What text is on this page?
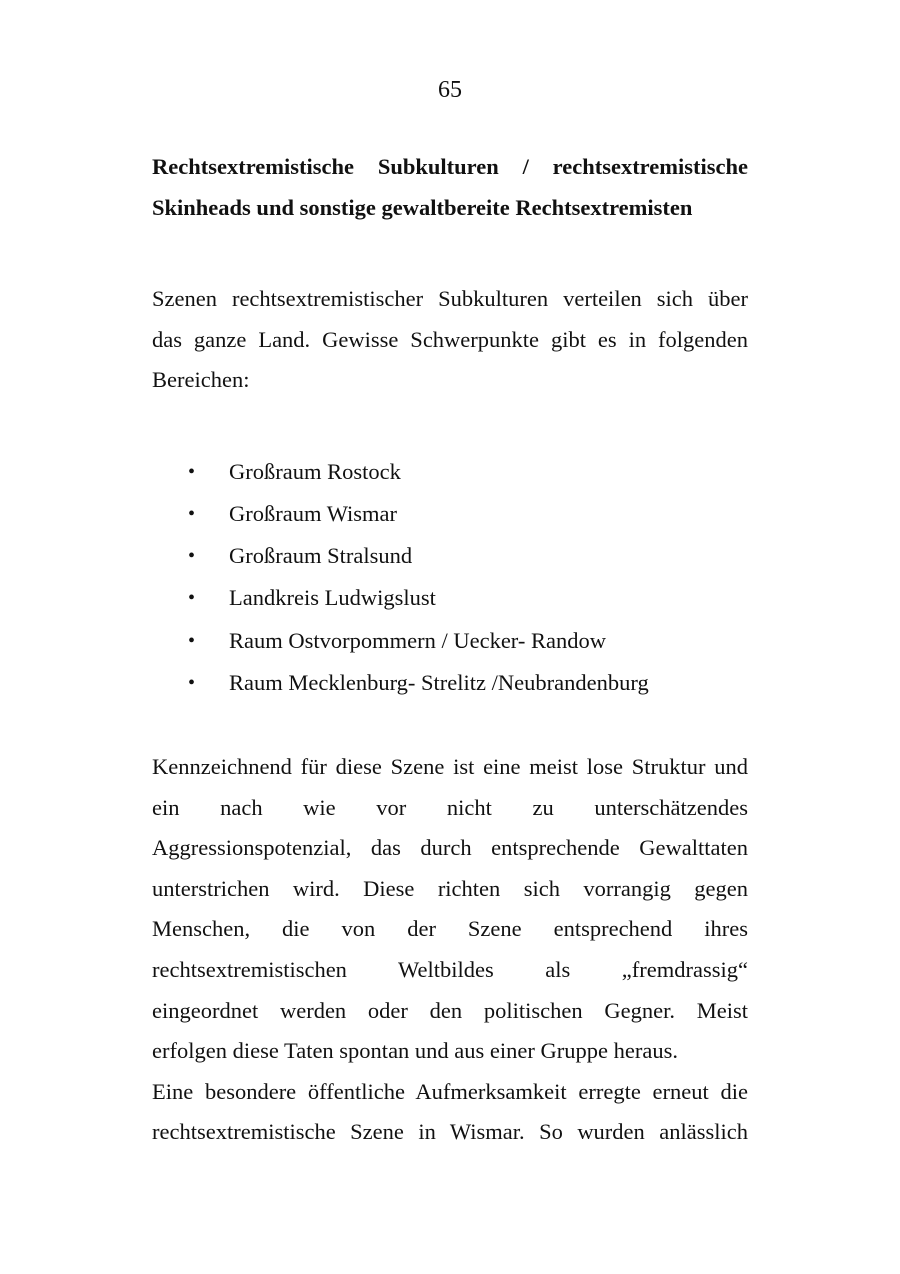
65
Rechtsextremistische Subkulturen / rechtsextremistische
Skinheads und sonstige gewaltbereite Rechtsextremisten

Szenen rechtsextremistischer Subkulturen verteilen sich über
das ganze Land. Gewisse Schwerpunkte gibt es in folgenden
Bereichen:

• Großraum Rostock
• Großraum Wismar
• Großraum Stralsund
• Landkreis Ludwigslust
• Raum Ostvorpommern / Uecker- Randow
• Raum Mecklenburg- Strelitz /Neubrandenburg

Kennzeichnend für diese Szene ist eine meist lose Struktur und
ein nach wie vor nicht zu unterschätzendes
Aggressionspotenzial, das durch entsprechende Gewalttaten
unterstrichen wird. Diese richten sich vorrangig gegen
Menschen, die von der Szene entsprechend ihres
rechtsextremistischen Weltbildes als „fremdrassig“
eingeordnet werden oder den politischen Gegner. Meist
erfolgen diese Taten spontan und aus einer Gruppe heraus.

Eine besondere öffentliche Aufmerksamkeit erregte erneut die
rechtsextremistische Szene in Wismar. So wurden anlässlich
